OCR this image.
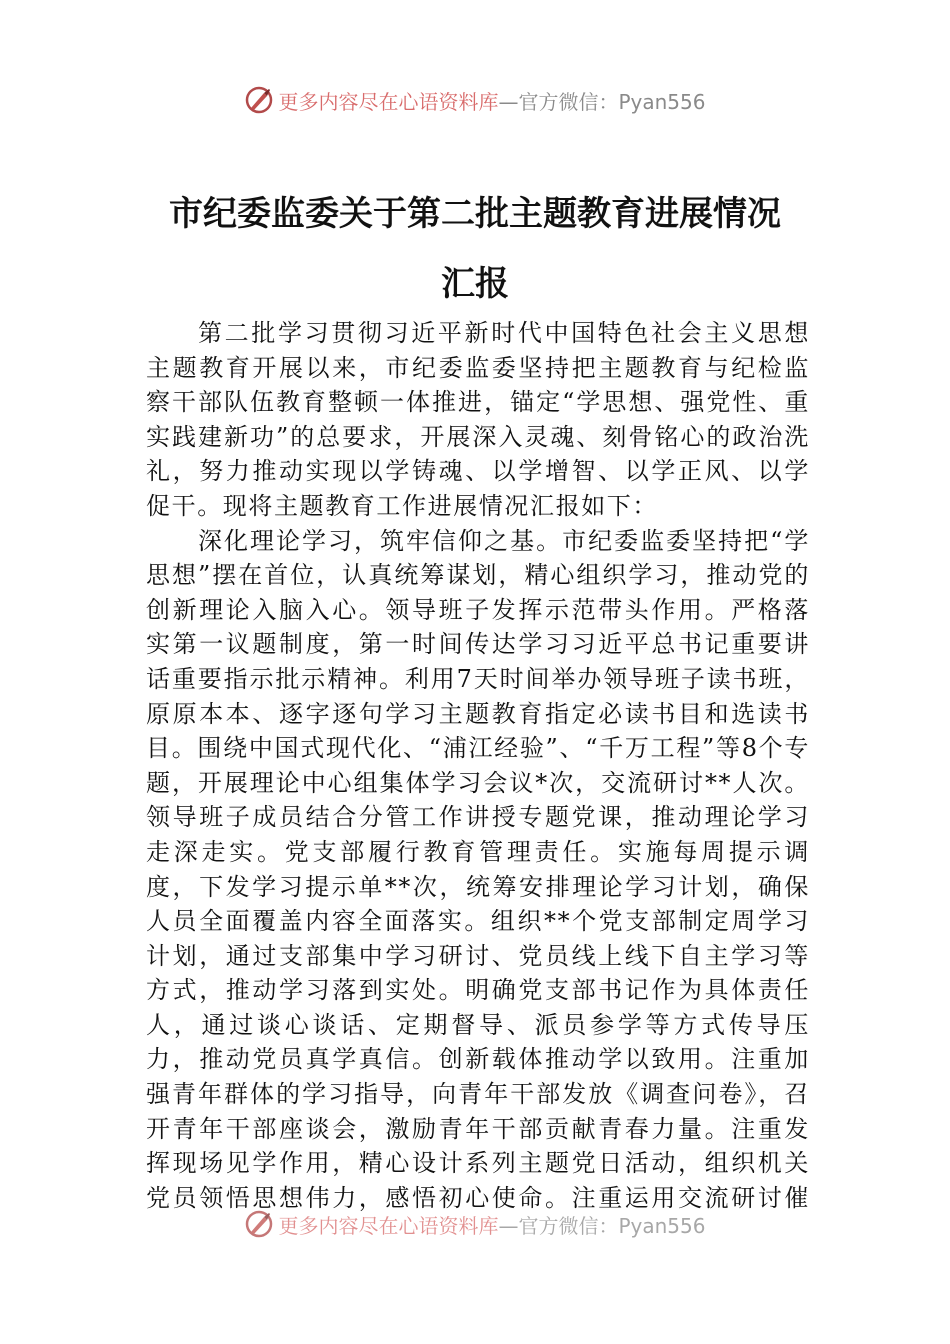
更多内容尽在心语资料库 —官方微信：Pyan556
市纪委监委关于第二批主题教育进展情况
汇报

第二批学习贯彻习近平新时代中国特色社会主义思想主题教育开展以来，市纪委监委坚持把主题教育与纪检监察干部队伍教育整顿一体推进，锚定“学思想、强党性、重实践建新功”的总要求，开展深入灵魂、刻骨铭心的政治洗礼，努力推动实现以学铸魂、以学增智、以学正风、以学促干。现将主题教育工作进展情况汇报如下：

深化理论学习，筑牢信仰之基。市纪委监委坚持把“学思想”摆在首位，认真统筹谋划，精心组织学习，推动党的创新理论入脑入心。领导班子发挥示范带头作用。严格落实第一议题制度，第一时间传达学习习近平总书记重要讲话重要指示批示精神。利用7天时间举办领导班子读书班，原原本本、逐字逐句学习主题教育指定必读书目和选读书目。围绕中国式现代化、“浦江经验”、“千万工程”等8个专题，开展理论中心组集体学习会议*次，交流研讨**人次。领导班子成员结合分管工作讲授专题党课，推动理论学习走深走实。党支部履行教育管理责任。实施每周提示调度，下发学习提示单**次，统筹安排理论学习计划，确保人员全面覆盖内容全面落实。组织**个党支部制定周学习计划，通过支部集中学习研讨、党员线上线下自主学习等方式，推动学习落到实处。明确党支部书记作为具体责任人，通过谈心谈话、定期督导、派员参学等方式传导压力，推动党员真学真信。创新载体推动学以致用。注重加强青年群体的学习指导，向青年干部发放《调查问卷》，召开青年干部座谈会，激励青年干部贡献青春力量。注重发挥现场见学作用，精心设计系列主题党日活动，组织机关党员领悟思想伟力，感悟初心使命。注重运用交流研讨催

更多内容尽在心语资料库 —官方微信：Pyan556
